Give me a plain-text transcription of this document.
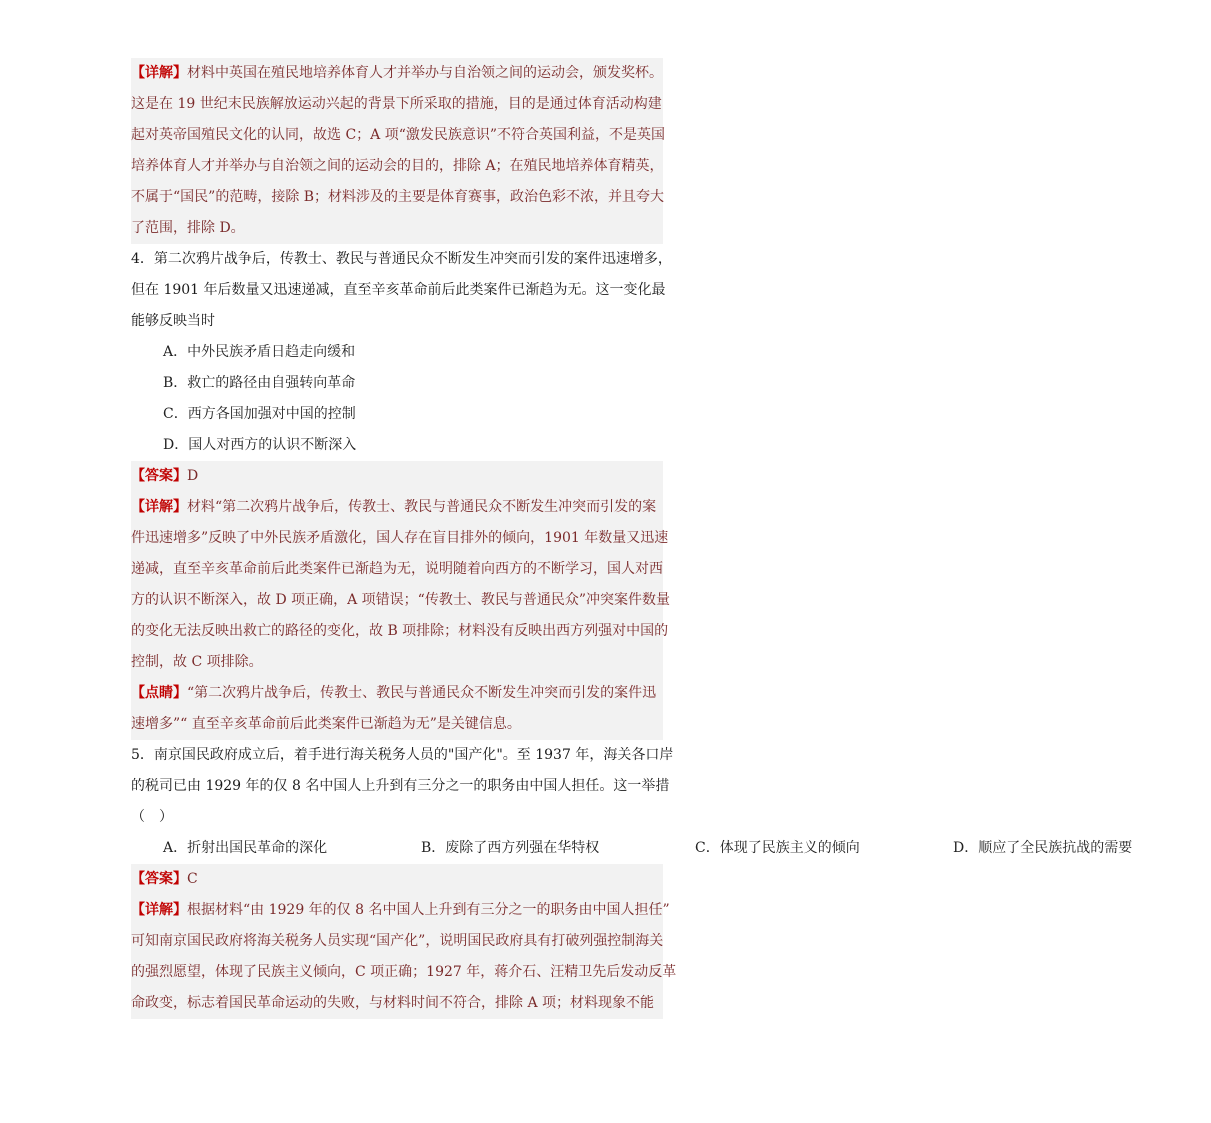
【详解】材料中英国在殖民地培养体育人才并举办与自治领之间的运动会，颁发奖杯。
这是在 19 世纪末民族解放运动兴起的背景下所采取的措施，目的是通过体育活动构建
起对英帝国殖民文化的认同，故选 C；A 项“激发民族意识”不符合英国利益，不是英国
培养体育人才并举办与自治领之间的运动会的目的，排除 A；在殖民地培养体育精英，
不属于“国民”的范畴，接除 B；材料涉及的主要是体育赛事，政治色彩不浓，并且夸大
了范围，排除 D。
4．第二次鸦片战争后，传教士、教民与普通民众不断发生冲突而引发的案件迅速增多，
但在 1901 年后数量又迅速递减，直至辛亥革命前后此类案件已渐趋为无。这一变化最
能够反映当时
A．中外民族矛盾日趋走向缓和
B．救亡的路径由自强转向革命
C．西方各国加强对中国的控制
D．国人对西方的认识不断深入
【答案】D
【详解】材料“第二次鸦片战争后，传教士、教民与普通民众不断发生冲突而引发的案
件迅速增多”反映了中外民族矛盾激化，国人存在盲目排外的倾向，1901 年数量又迅速
递减，直至辛亥革命前后此类案件已渐趋为无，说明随着向西方的不断学习，国人对西
方的认识不断深入，故 D 项正确，A 项错误；“传教士、教民与普通民众”冲突案件数量
的变化无法反映出救亡的路径的变化，故 B 项排除；材料没有反映出西方列强对中国的
控制，故 C 项排除。
【点睛】“第二次鸦片战争后，传教士、教民与普通民众不断发生冲突而引发的案件迅
速增多”“ 直至辛亥革命前后此类案件已渐趋为无”是关键信息。
5．南京国民政府成立后，着手进行海关税务人员的"国产化"。至 1937 年，海关各口岸
的税司已由 1929 年的仅 8 名中国人上升到有三分之一的职务由中国人担任。这一举措
（　）
A．折射出国民革命的深化	B．废除了西方列强在华特权	C．体现了民族主义的倾向	D．顺应了全民族抗战的需要
【答案】C
【详解】根据材料“由 1929 年的仅 8 名中国人上升到有三分之一的职务由中国人担任”
可知南京国民政府将海关税务人员实现“国产化”，说明国民政府具有打破列强控制海关
的强烈愿望，体现了民族主义倾向，C 项正确；1927 年，蒋介石、汪精卫先后发动反革
命政变，标志着国民革命运动的失败，与材料时间不符合，排除 A 项；材料现象不能
